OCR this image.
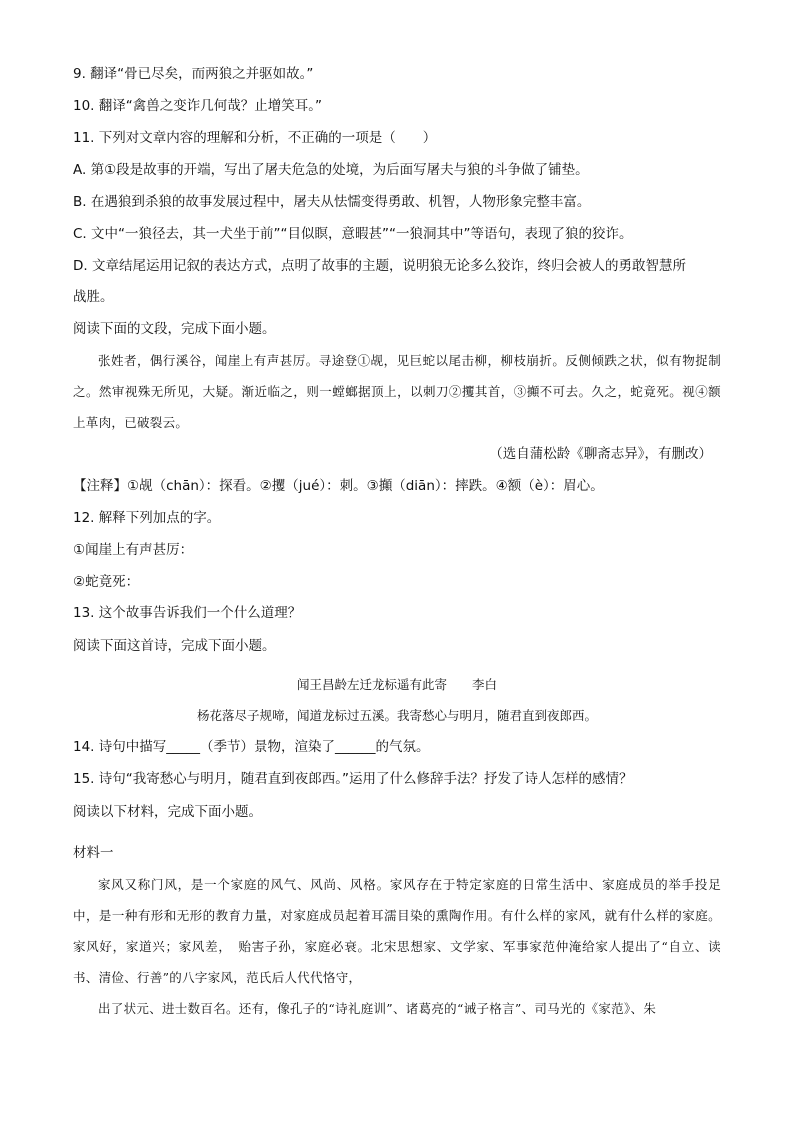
9. 翻译“骨已尽矣，而两狼之并驱如故。”
10. 翻译“禽兽之变诈几何哉？止增笑耳。”
11. 下列对文章内容的理解和分析，不正确的一项是（　　）
A. 第①段是故事的开端，写出了屠夫危急的处境，为后面写屠夫与狼的斗争做了铺垫。
B. 在遇狼到杀狼的故事发展过程中，屠夫从怯懦变得勇敢、机智，人物形象完整丰富。
C. 文中“一狼径去，其一犬坐于前”“目似瞑，意暇甚”“一狼洞其中”等语句，表现了狼的狡诈。
D. 文章结尾运用记叙的表达方式，点明了故事的主题，说明狼无论多么狡诈，终归会被人的勇敢智慧所
战胜。
阅读下面的文段，完成下面小题。

张姓者，偶行溪谷，闻崖上有声甚厉。寻途登①觇，见巨蛇以尾击柳，柳枝崩折。反侧倾跌之状，似有物捉制之。然审视殊无所见，大疑。渐近临之，则一螳螂据顶上，以刺刀②攫其首，③攧不可去。久之，蛇竟死。视④额上革肉，已破裂云。

（选自蒲松龄《聊斋志异》，有删改）
【注释】①觇（chān）：探看。②攫（jué）：刺。③攧（diān）：摔跌。④额（è）：眉心。
12. 解释下列加点的字。
①闻崖上有声甚厉：
②蛇竟死：
13. 这个故事告诉我们一个什么道理？
阅读下面这首诗，完成下面小题。
闻王昌龄左迁龙标遥有此寄　　李白
杨花落尽子规啼，闻道龙标过五溪。我寄愁心与明月，随君直到夜郎西。
14. 诗句中描写_____（季节）景物，渲染了______的气氛。
15. 诗句“我寄愁心与明月，随君直到夜郎西。”运用了什么修辞手法？抒发了诗人怎样的感情？
阅读以下材料，完成下面小题。
材料一

家风又称门风，是一个家庭的风气、风尚、风格。家风存在于特定家庭的日常生活中、家庭成员的举手投足中，是一种有形和无形的教育力量，对家庭成员起着耳濡目染的熏陶作用。有什么样的家风，就有什么样的家庭。家风好，家道兴；家风差，　贻害子孙，家庭必衰。北宋思想家、文学家、军事家范仲淹给家人提出了“自立、读书、清俭、行善”的八字家风，范氏后人代代恪守，

出了状元、进士数百名。还有，像孔子的“诗礼庭训”、诸葛亮的“诫子格言”、司马光的《家范》、朱
